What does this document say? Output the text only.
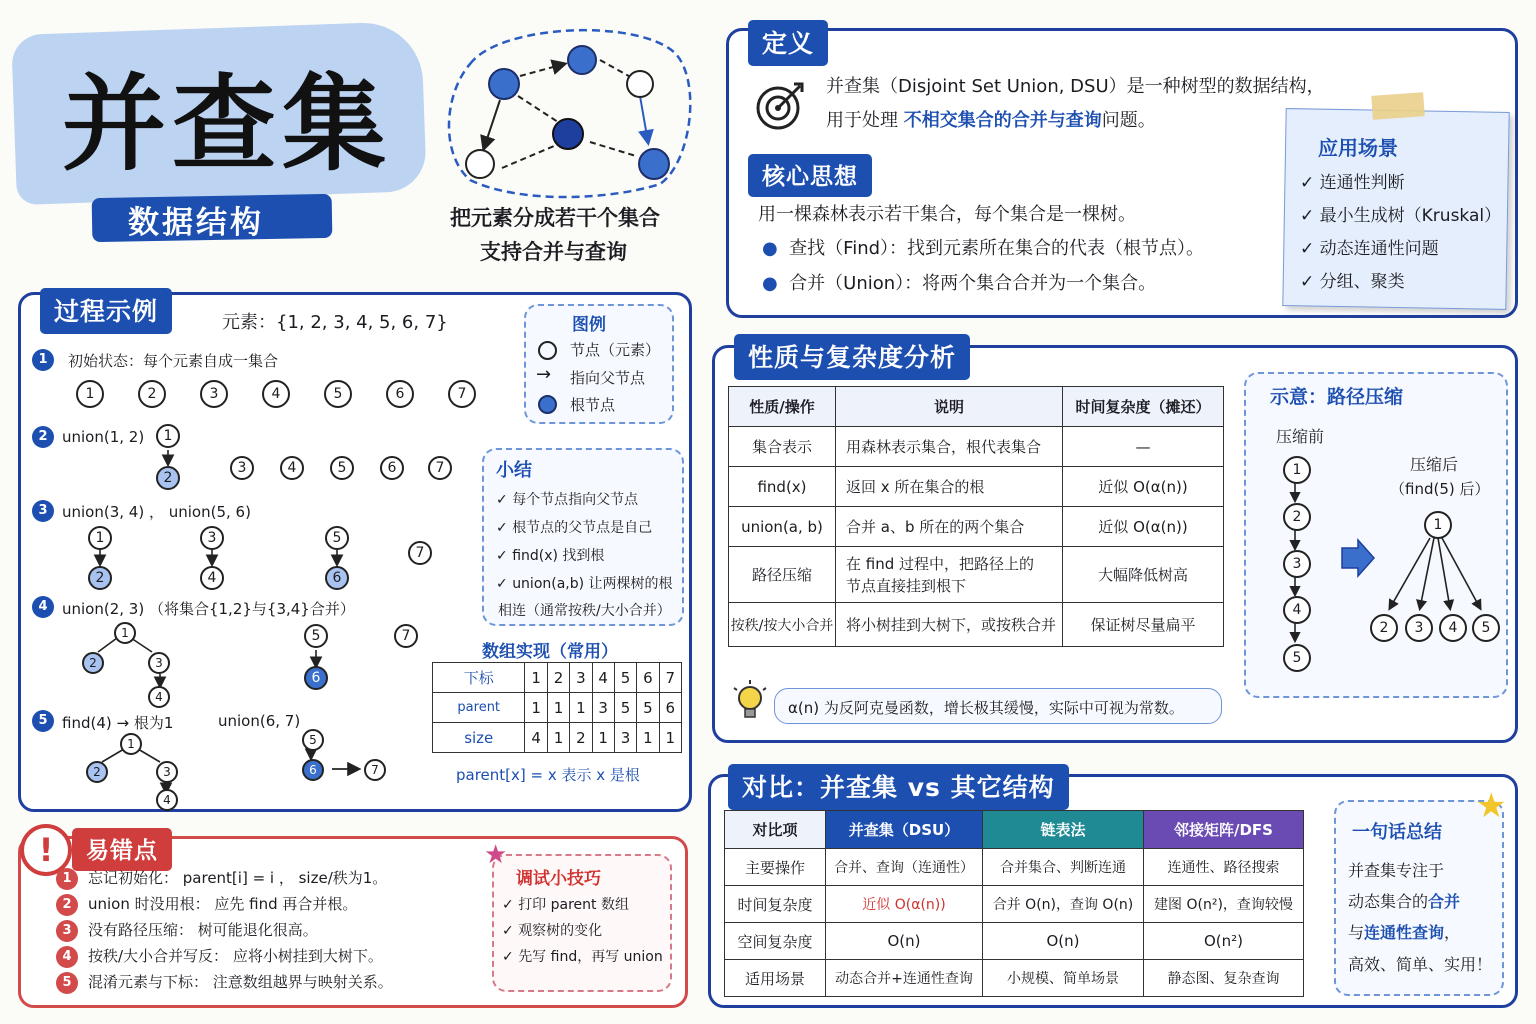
并查集
数据结构	把元素分成若干个集合
支持合并与查询
定义
并查集（Disjoint Set Union, DSU）是一种树型的数据结构，
用于处理 不相交集合的合并与查询问题。
核心思想
用一棵森林表示若干集合，每个集合是一棵树。
● 查找（Find）：找到元素所在集合的代表（根节点）。
● 合并（Union）：将两个集合合并为一个集合。
应用场景
✓ 连通性判断
✓ 最小生成树（Kruskal）
✓ 动态连通性问题
✓ 分组、聚类
过程示例	元素：{1, 2, 3, 4, 5, 6, 7}
1	初始状态：每个元素自成一集合
1	2	3	4	5	6	7
2 union(1, 2)	1
2
3	4	5	6	7
3 union(3, 4) ， union(5, 6)
1
2
3
4
5
6
7
4 union(2, 3) （将集合{1,2}与{3,4}合并）
1
2	3
4
5
6
7
5 find(4) → 根为1	union(6, 7)
1
2	3
4
5
6	7
图例
节点（元素）
→ 指向父节点
根节点
小结
✓ 每个节点指向父节点
✓ 根节点的父节点是自己
✓ find(x) 找到根
✓ union(a,b) 让两棵树的根
相连（通常按秩/大小合并）
数组实现（常用）
下标	1	2	3	4	5	6	7
parent	1	1	1	3	5	5	6
size	4	1	2	1	3	1	1
parent[x] = x 表示 x 是根
性质与复杂度分析
性质/操作	说明	时间复杂度（摊还）
集合表示	用森林表示集合，根代表集合	—
find(x)	返回 x 所在集合的根	近似 O(α(n))
union(a, b)	合并 a、b 所在的两个集合	近似 O(α(n))
路径压缩	在 find 过程中，把路径上的
节点直接挂到根下	大幅降低树高
按秩/按大小合并	将小树挂到大树下，或按秩合并	保证树尽量扁平
α(n) 为反阿克曼函数，增长极其缓慢，实际中可视为常数。
示意：路径压缩
压缩前
压缩后
（find(5) 后）
1
2
3
4
5
1
2	3	4	5
!	易错点
1	忘记初始化： parent[i] = i ， size/秩为1。
2	union 时没用根： 应先 find 再合并根。
3	没有路径压缩： 树可能退化很高。
4	按秩/大小合并写反： 应将小树挂到大树下。
5	混淆元素与下标： 注意数组越界与映射关系。
★
调试小技巧
✓ 打印 parent 数组
✓ 观察树的变化
✓ 先写 find，再写 union
对比：并查集 vs 其它结构
对比项	并查集（DSU）	链表法	邻接矩阵/DFS
主要操作	合并、查询（连通性）	合并集合、判断连通	连通性、路径搜索
时间复杂度	近似 O(α(n))	合并 O(n)，查询 O(n)	建图 O(n²)，查询较慢
空间复杂度	O(n)	O(n)	O(n²)
适用场景	动态合并+连通性查询	小规模、简单场景	静态图、复杂查询
★
一句话总结
并查集专注于
动态集合的合并
与连通性查询，
高效、简单、实用！
